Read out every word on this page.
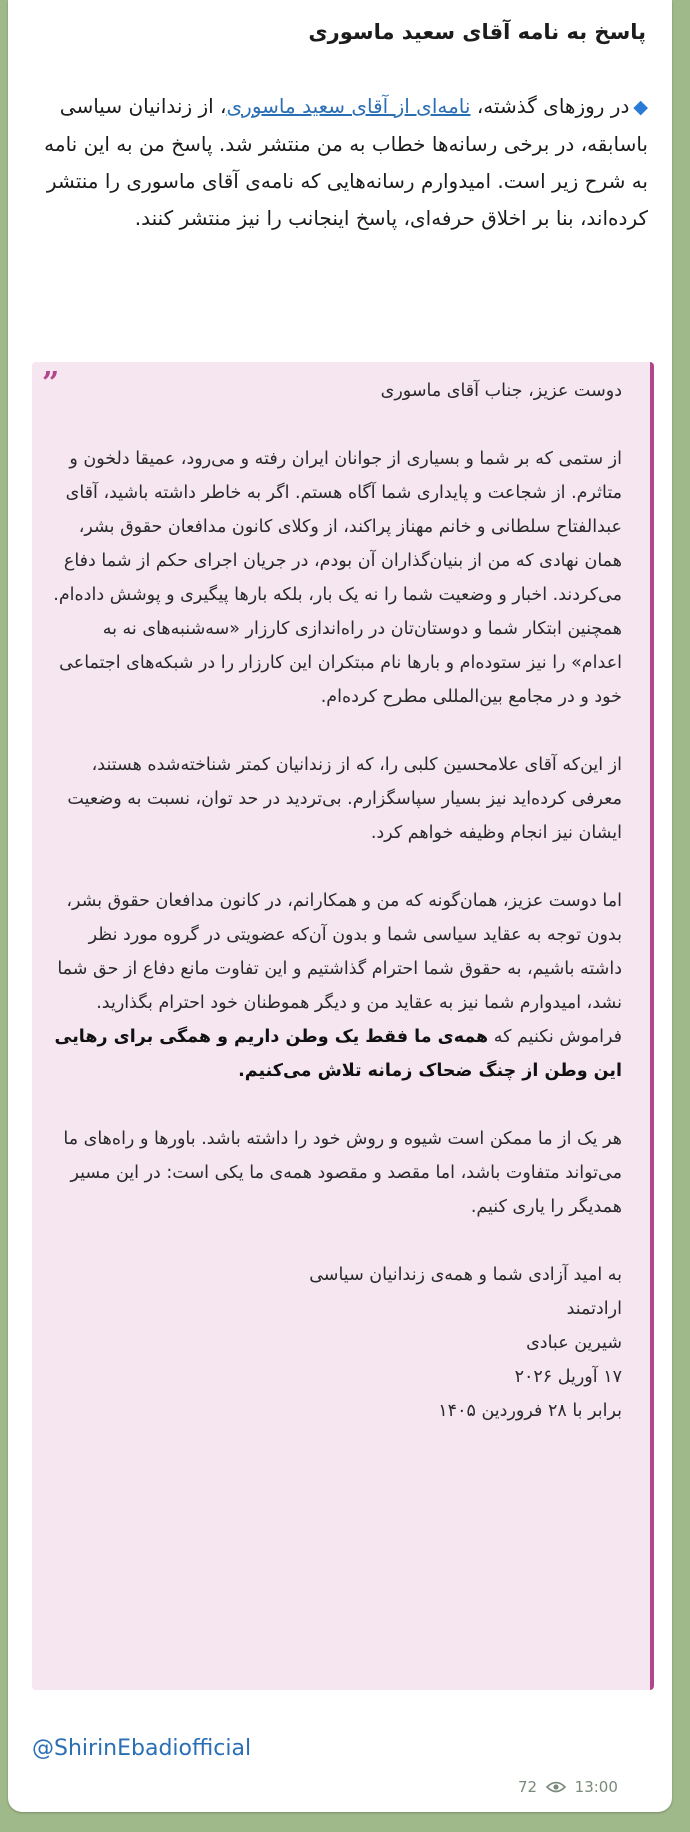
پاسخ به نامه آقای سعید ماسوری
◆در روزهای گذشته، نامه‌ای از آقای سعید ماسوری، از زندانیان سیاسی باسابقه، در برخی رسانه‌ها خطاب به من منتشر شد. پاسخ من به این نامه به شرح زیر است. امیدوارم رسانه‌هایی که نامه‌ی آقای ماسوری را منتشر کرده‌اند، بنا بر اخلاق حرفه‌ای، پاسخ اینجانب را نیز منتشر کنند.
”	دوست عزیز، جناب آقای ماسوری

از ستمی که بر شما و بسیاری از جوانان ایران رفته و می‌رود، عمیقا دلخون و متاثرم. از شجاعت و پایداری شما آگاه هستم. اگر به خاطر داشته باشید، آقای عبدالفتاح سلطانی و خانم مهناز پراکند، از وکلای کانون مدافعان حقوق بشر، همان نهادی که من از بنیان‌گذاران آن بودم، در جریان اجرای حکم از شما دفاع می‌کردند. اخبار و وضعیت شما را نه یک بار، بلکه بارها پیگیری و پوشش داده‌ام. همچنین ابتکار شما و دوستان‌تان در راه‌اندازی کارزار «سه‌شنبه‌های نه به اعدام» را نیز ستوده‌ام و بارها نام مبتکران این کارزار را در شبکه‌های اجتماعی خود و در مجامع بین‌المللی مطرح کرده‌ام.

از این‌که آقای علامحسین کلبی را، که از زندانیان کمتر شناخته‌شده هستند، معرفی کرده‌اید نیز بسیار سپاسگزارم. بی‌تردید در حد توان، نسبت به وضعیت ایشان نیز انجام وظیفه خواهم کرد.

اما دوست عزیز، همان‌گونه که من و همکارانم، در کانون مدافعان حقوق بشر، بدون توجه به عقاید سیاسی شما و بدون آن‌که عضویتی در گروه مورد نظر داشته باشیم، به حقوق شما احترام گذاشتیم و این تفاوت مانع دفاع از حق شما نشد، امیدوارم شما نیز به عقاید من و دیگر هموطنان خود احترام بگذارید. فراموش نکنیم که همه‌ی ما فقط یک وطن داریم و همگی برای رهایی این وطن از چنگ ضحاک زمانه تلاش می‌کنیم.

هر یک از ما ممکن است شیوه و روش خود را داشته باشد. باورها و راه‌های ما می‌تواند متفاوت باشد، اما مقصد و مقصود همه‌ی ما یکی است: در این مسیر همدیگر را یاری کنیم.

به امید آزادی شما و همه‌ی زندانیان سیاسی

ارادتمند

شیرین عبادی

۱۷ آوریل ۲۰۲۶

برابر با ۲۸ فروردین ۱۴۰۵

@ShirinEbadiofficial
72	13:00
